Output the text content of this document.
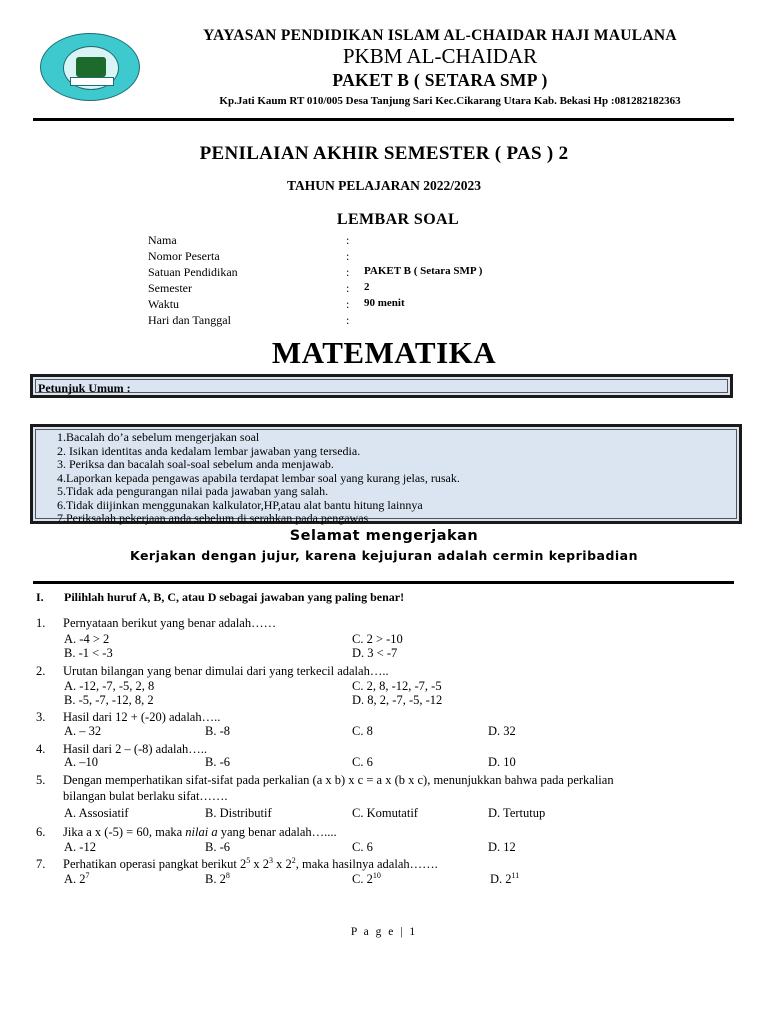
YAYASAN PENDIDIKAN ISLAM AL-CHAIDAR HAJI MAULANA
PKBM AL-CHAIDAR
PAKET B ( SETARA SMP )
Kp.Jati Kaum RT 010/005 Desa Tanjung Sari Kec.Cikarang Utara Kab. Bekasi Hp :081282182363
PENILAIAN AKHIR SEMESTER ( PAS ) 2
TAHUN PELAJARAN 2022/2023
LEMBAR SOAL
Nama	:
Nomor Peserta	:
Satuan Pendidikan	: PAKET B ( Setara SMP )
Semester	: 2
Waktu	: 90 menit
Hari dan Tanggal	:
MATEMATIKA
Petunjuk Umum :
1.Bacalah do’a sebelum mengerjakan soal
2. Isikan identitas anda kedalam lembar jawaban yang tersedia.
3. Periksa dan bacalah soal-soal sebelum anda menjawab.
4.Laporkan kepada pengawas apabila terdapat lembar soal yang kurang jelas, rusak.
5.Tidak ada pengurangan nilai pada jawaban yang salah.
6.Tidak diijinkan menggunakan kalkulator,HP,atau alat bantu hitung lainnya
7.Periksalah pekerjaan anda sebelum di serahkan pada pengawas
Selamat mengerjakan
Kerjakan dengan jujur, karena kejujuran adalah cermin kepribadian
I. Pilihlah huruf A, B, C, atau D sebagai jawaban yang paling benar!
1. Pernyataan berikut yang benar adalah……
A. -4 > 2	C. 2 > -10
B. -1 < -3	D. 3 < -7
2. Urutan bilangan yang benar dimulai dari yang terkecil adalah…..
A. -12, -7, -5, 2, 8	C. 2, 8, -12, -7, -5
B. -5, -7, -12, 8, 2	D. 8, 2, -7, -5, -12
3. Hasil dari 12 + (-20) adalah…..
A. – 32	B. -8	C. 8	D. 32
4. Hasil dari 2 – (-8) adalah…..
A. –10	B. -6	C. 6	D. 10
5. Dengan memperhatikan sifat-sifat pada perkalian (a x b) x c = a x (b x c), menunjukkan bahwa pada perkalian
bilangan bulat berlaku sifat…….
A. Assosiatif	B. Distributif	C. Komutatif	D. Tertutup
6. Jika a x (-5) = 60, maka nilai a yang benar adalah…....
A. -12	B. -6	C. 6	D. 12
7. Perhatikan operasi pangkat berikut $2^5$ x $2^3$ x $2^2$, maka hasilnya adalah…….
A. $2^7$	B. $2^8$	C. $2^{10}$	D. $2^{11}$
P a g e | 1
